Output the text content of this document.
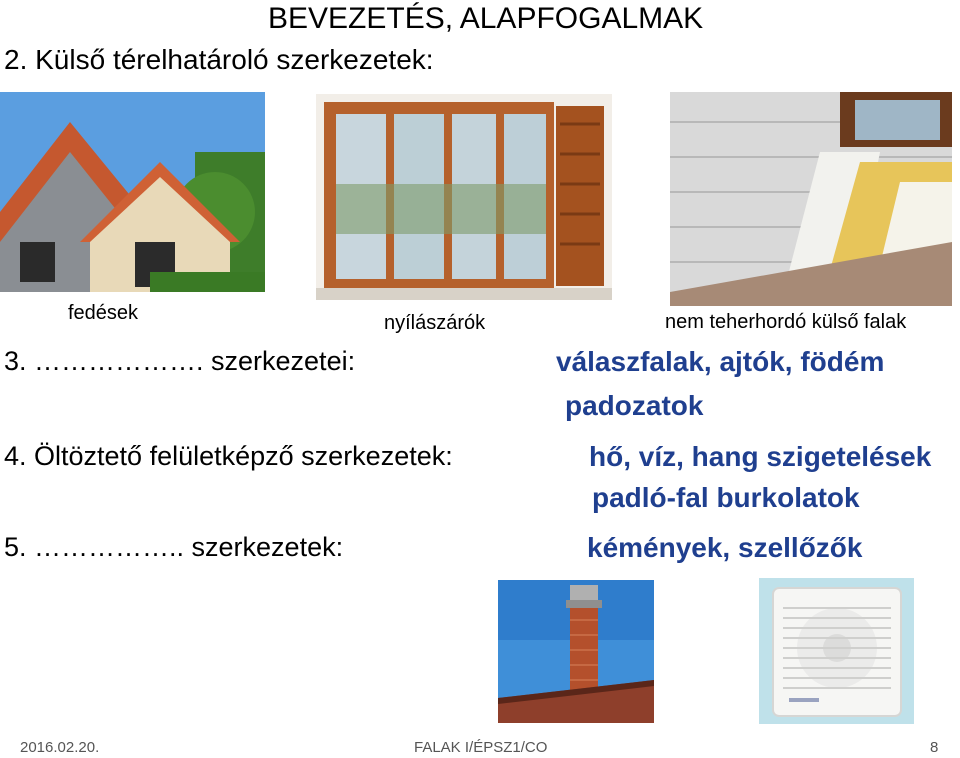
BEVEZETÉS, ALAPFOGALMAK
2. Külső térelhatároló szerkezetek:
fedések	nyílászárók	nem teherhordó külső falak
3. ………………. szerkezetei:	válaszfalak, ajtók, födém
padozatok
4. Öltöztető felületképző szerkezetek:	hő, víz, hang szigetelések
padló-fal burkolatok
5. …………….. szerkezetek:	kémények, szellőzők
2016.02.20.	FALAK I/ÉPSZ1/CO	8
